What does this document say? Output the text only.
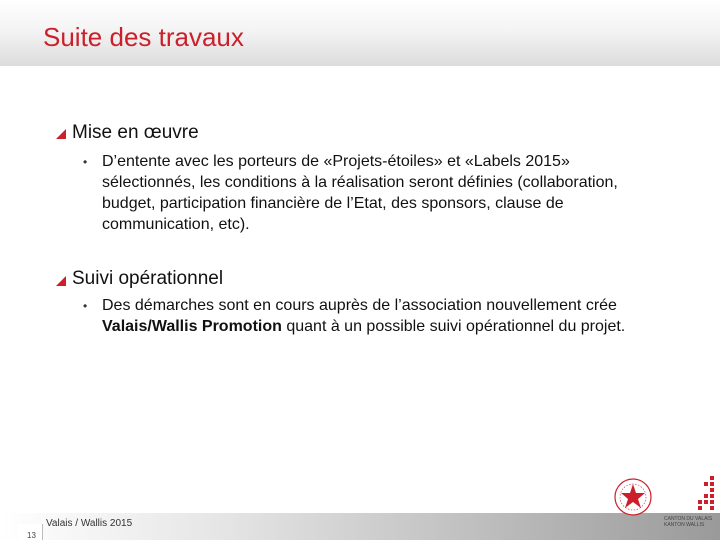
Suite des travaux
Mise en œuvre
• D’entente avec les porteurs de «Projets-étoiles» et «Labels 2015» sélectionnés, les conditions à la réalisation seront définies (collaboration, budget, participation financière de l’Etat, des sponsors, clause de communication, etc).
Suivi opérationnel
• Des démarches sont en cours auprès de l’association nouvellement crée Valais/Wallis Promotion quant à un possible suivi opérationnel du projet.
13
Valais / Wallis 2015	CANTON DU VALAIS
KANTON WALLIS
